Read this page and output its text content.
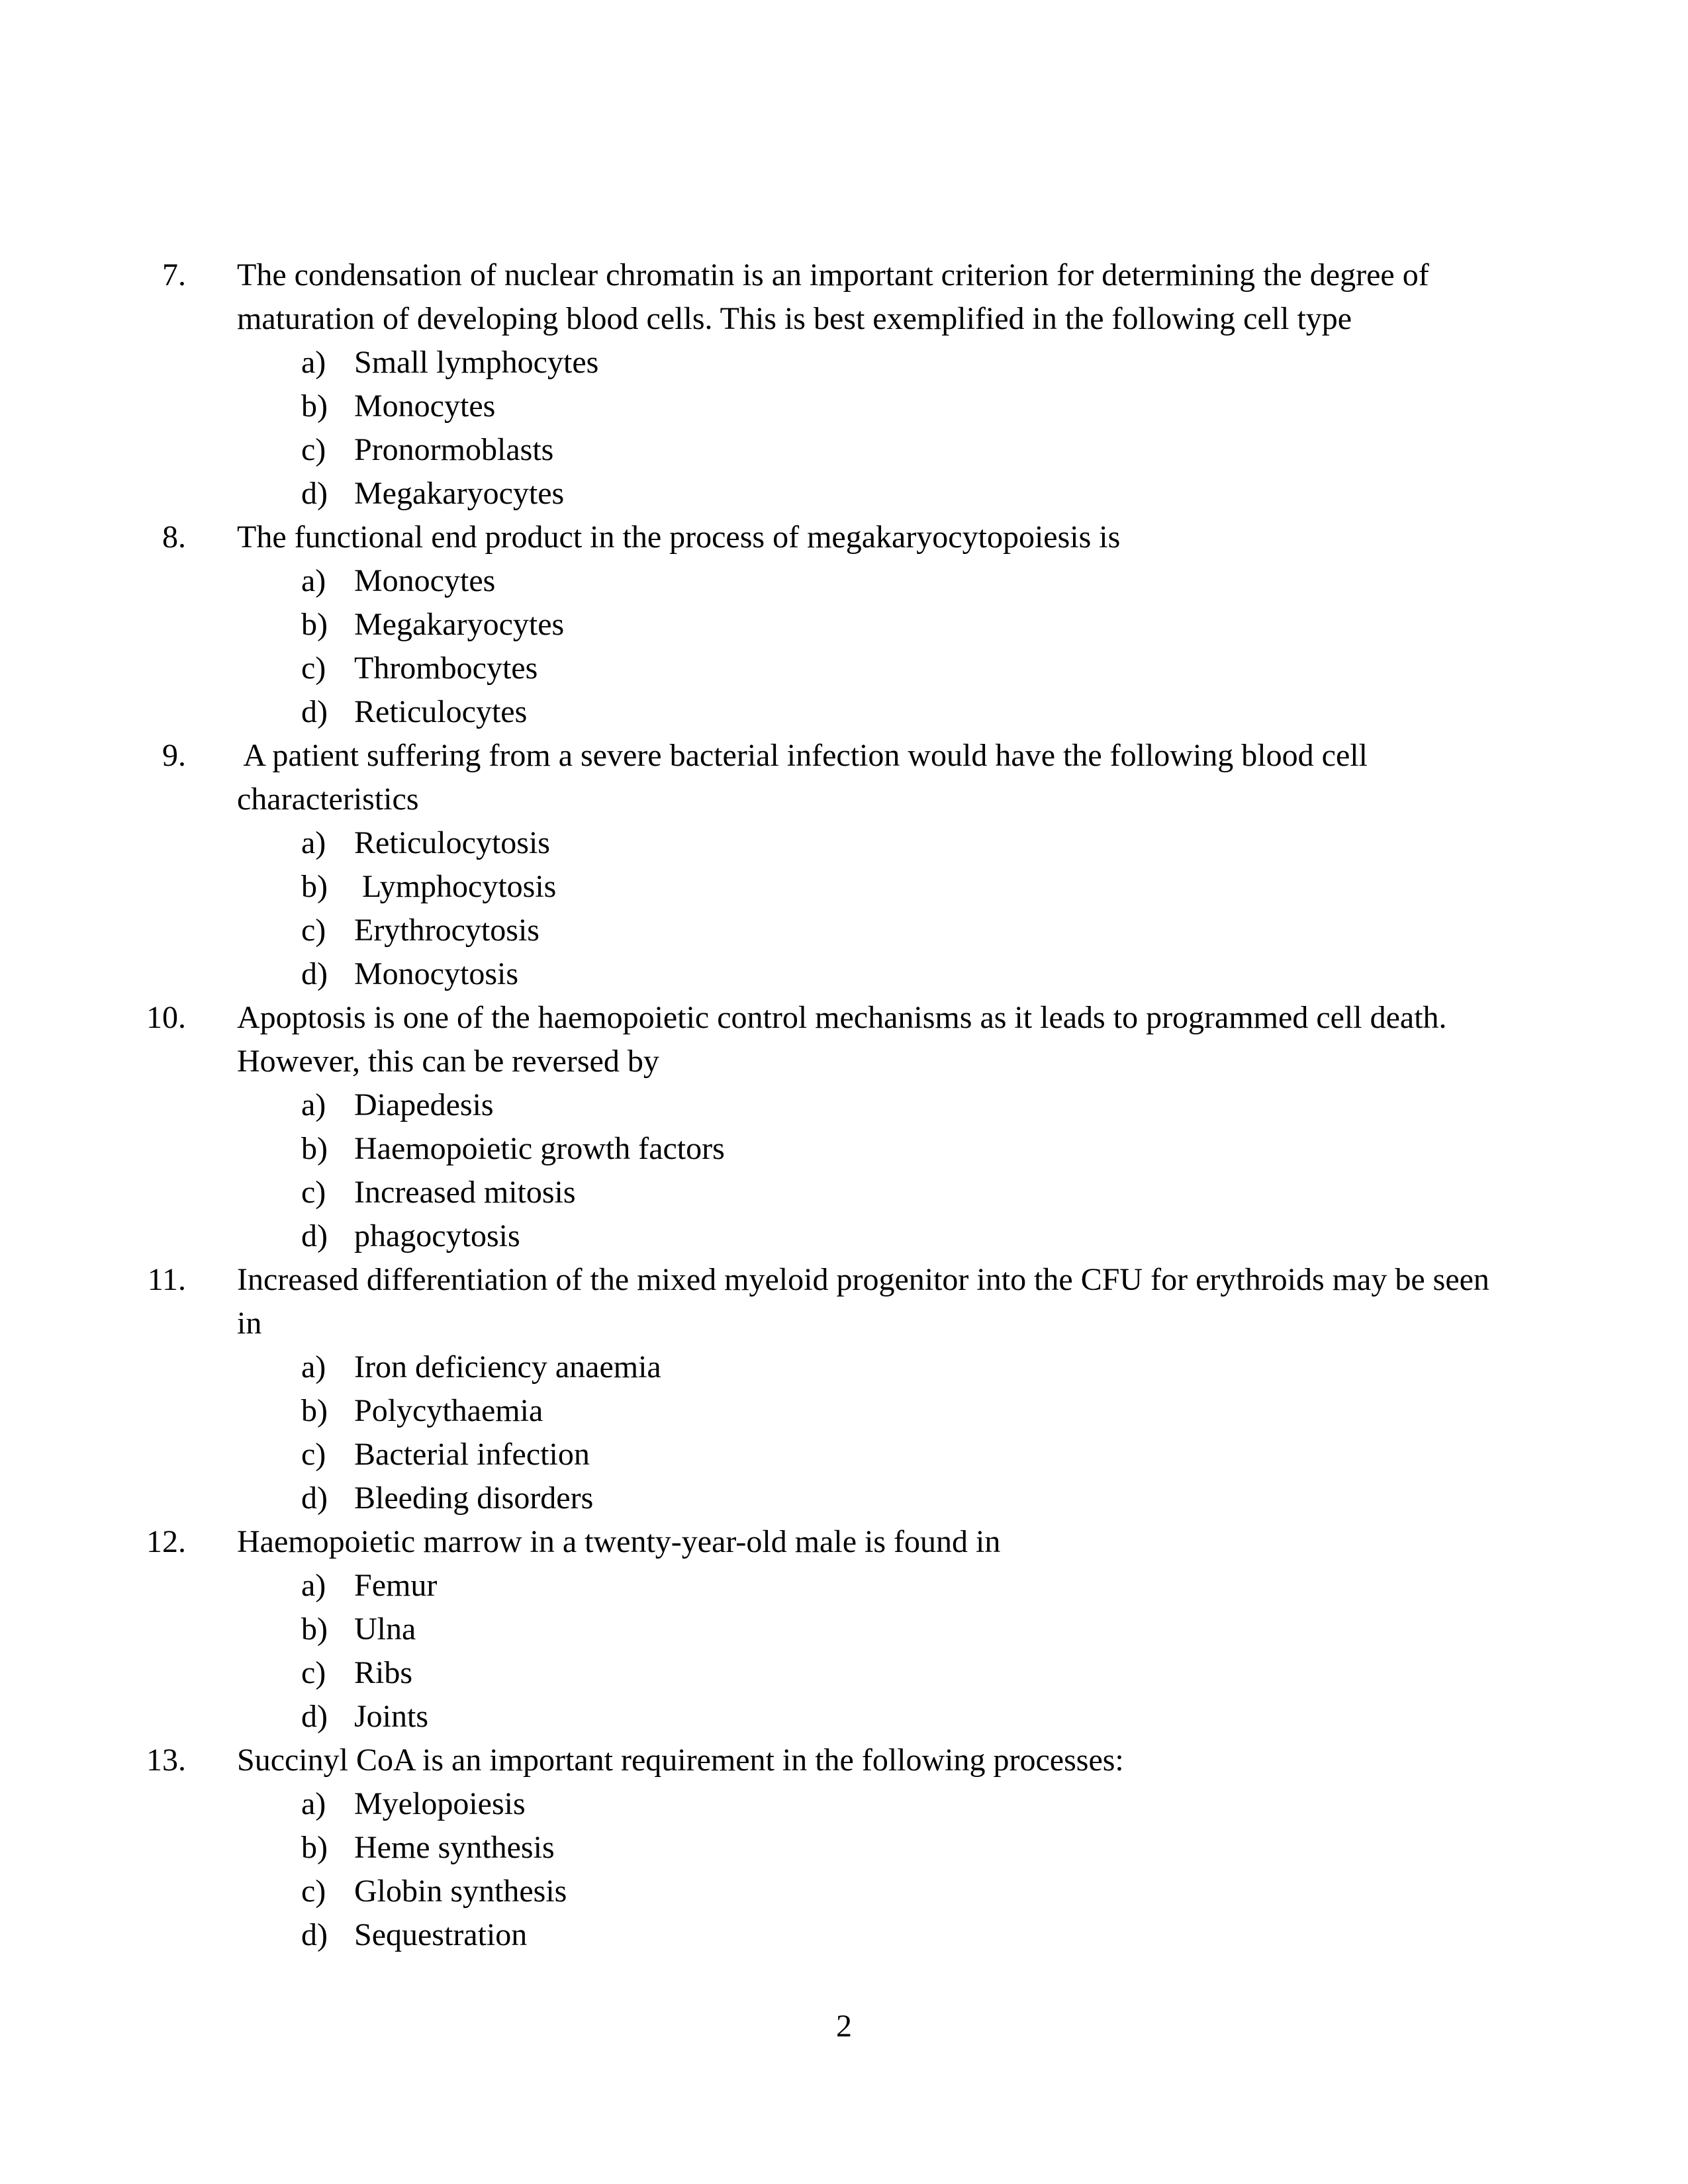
7. The condensation of nuclear chromatin is an important criterion for determining the degree of
maturation of developing blood cells. This is best exemplified in the following cell type
a) Small lymphocytes
b) Monocytes
c) Pronormoblasts
d) Megakaryocytes
8. The functional end product in the process of megakaryocytopoiesis is
a) Monocytes
b) Megakaryocytes
c) Thrombocytes
d) Reticulocytes
9. A patient suffering from a severe bacterial infection would have the following blood cell
characteristics
a) Reticulocytosis
b) Lymphocytosis
c) Erythrocytosis
d) Monocytosis
10. Apoptosis is one of the haemopoietic control mechanisms as it leads to programmed cell death.
However, this can be reversed by
a) Diapedesis
b) Haemopoietic growth factors
c) Increased mitosis
d) phagocytosis
11. Increased differentiation of the mixed myeloid progenitor into the CFU for erythroids may be seen
in
a) Iron deficiency anaemia
b) Polycythaemia
c) Bacterial infection
d) Bleeding disorders
12. Haemopoietic marrow in a twenty-year-old male is found in
a) Femur
b) Ulna
c) Ribs
d) Joints
13. Succinyl CoA is an important requirement in the following processes:
a) Myelopoiesis
b) Heme synthesis
c) Globin synthesis
d) Sequestration
2
